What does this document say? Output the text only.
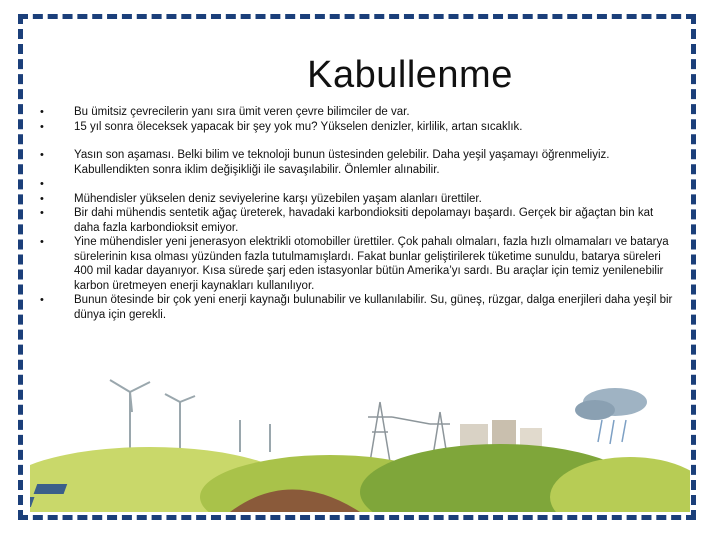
Kabullenme
• Bu ümitsiz çevrecilerin yanı sıra ümit veren çevre bilimciler de var.
• 15 yıl sonra öleceksek yapacak bir şey yok mu? Yükselen denizler, kirlilik, artan sıcaklık.
• Yasın son aşaması. Belki bilim ve teknoloji bunun üstesinden gelebilir. Daha yeşil yaşamayı öğrenmeliyiz. Kabullendikten sonra iklim değişikliği ile savaşılabilir. Önlemler alınabilir.
•
• Mühendisler yükselen deniz seviyelerine karşı yüzebilen yaşam alanları ürettiler.
• Bir dahi mühendis sentetik ağaç üreterek, havadaki karbondioksiti depolamayı başardı. Gerçek bir ağaçtan bin kat daha fazla karbondioksit emiyor.
• Yine mühendisler yeni jenerasyon elektrikli otomobiller ürettiler. Çok pahalı olmaları, fazla hızlı olmamaları ve batarya sürelerinin kısa olması yüzünden fazla tutulmamışlardı. Fakat bunlar geliştirilerek tüketime sunuldu, batarya süreleri 400 mil kadar dayanıyor. Kısa sürede şarj eden istasyonlar bütün Amerika’yı sardı. Bu araçlar için temiz yenilenebilir karbon üretmeyen enerji kaynakları kullanılıyor.
• Bunun ötesinde bir çok yeni enerji kaynağı bulunabilir ve kullanılabilir. Su, güneş, rüzgar, dalga enerjileri daha yeşil bir dünya için gerekli.
